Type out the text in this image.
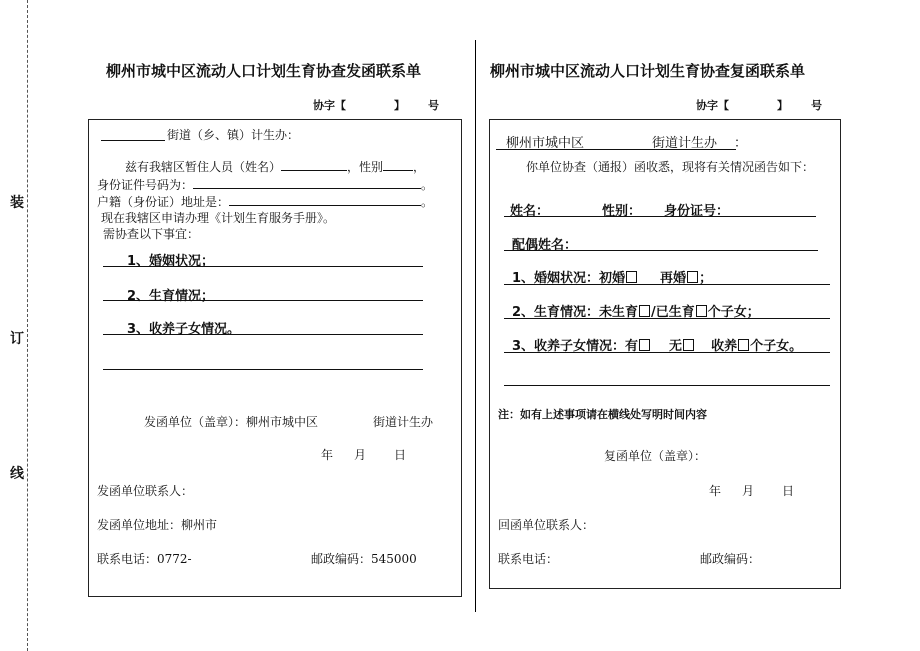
装
订
线
柳州市城中区流动人口计划生育协查发函联系单
协字【	】 号
街道（乡、镇）计生办：
兹有我辖区暂住人员（姓名）	，性别	，
身份证件号码为：	。
户籍（身份证）地址是：	。
现在我辖区申请办理《计划生育服务手册》。
需协查以下事宜：
1、婚姻状况；
2、生育情况；
3、收养子女情况。
发函单位（盖章）：柳州市城中区	街道计生办
年 月 日
发函单位联系人：
发函单位地址：柳州市
联系电话：0772-	邮政编码：545000
柳州市城中区流动人口计划生育协查复函联系单
协字【	】 号
柳州市城中区	街道计生办 ：
你单位协查（通报）函收悉，现将有关情况函告如下：
姓名：	性别： 身份证号：
配偶姓名：
1、婚姻状况：初婚	再婚 ；
2、生育情况：未生育 /已生育 个子女；
3、收养子女情况：有 无 收养 个子女。
注：如有上述事项请在横线处写明时间内容
复函单位（盖章）：
年 月 日
回函单位联系人：
联系电话：	邮政编码：
